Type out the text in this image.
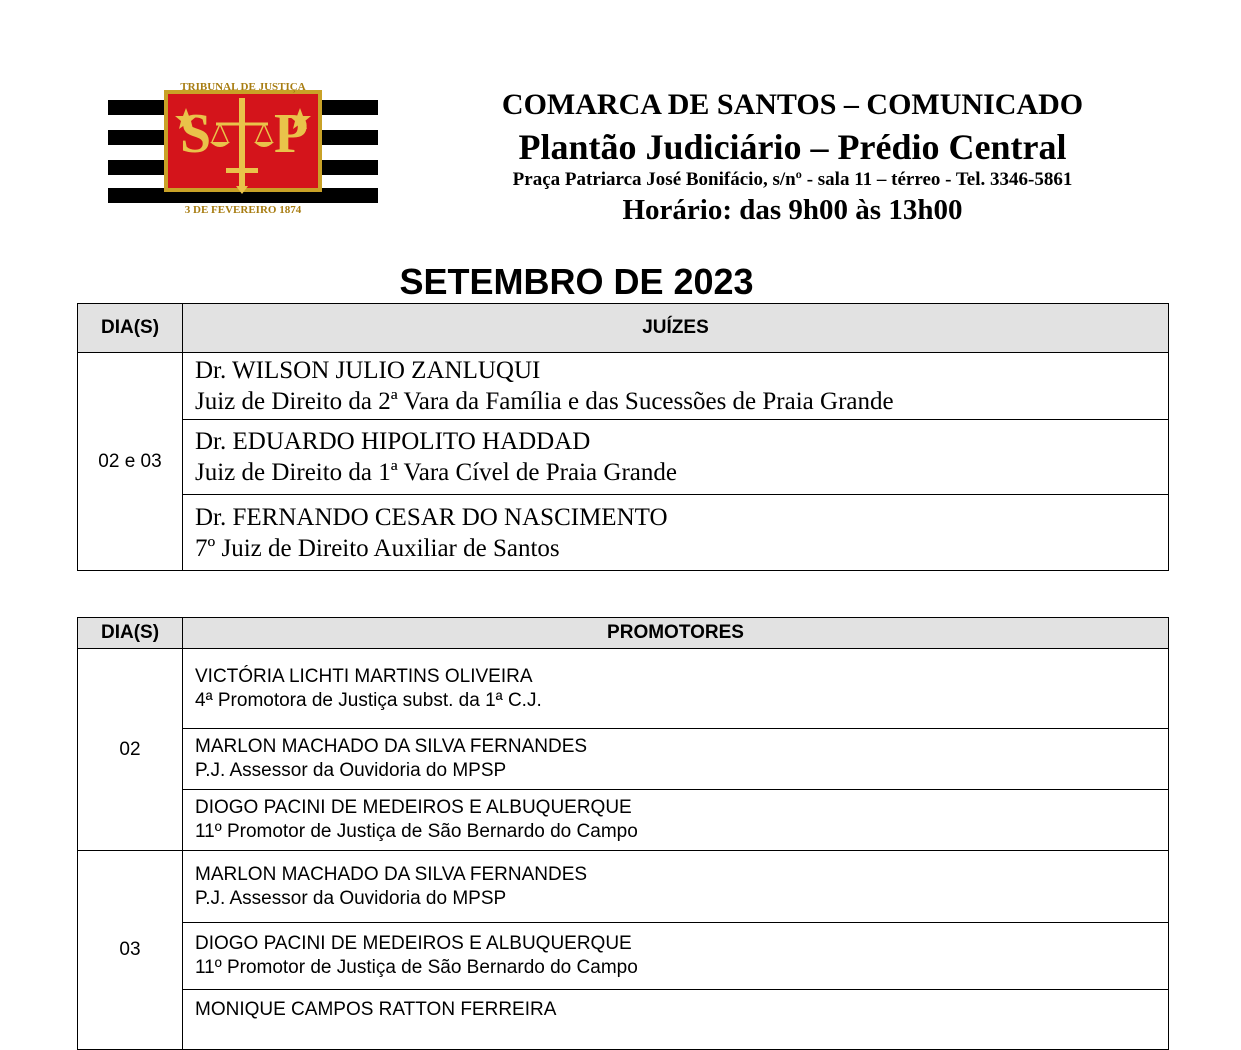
S P
TRIBUNAL DE JUSTIÇA
3 DE FEVEREIRO 1874
COMARCA DE SANTOS – COMUNICADO
Plantão Judiciário – Prédio Central
Praça Patriarca José Bonifácio, s/nº - sala 11 – térreo - Tel. 3346-5861
Horário: das 9h00 às 13h00
SETEMBRO DE 2023
DIA(S)	JUÍZES
02 e 03	Dr. WILSON JULIO ZANLUQUI
Juiz de Direito da 2ª Vara da Família e das Sucessões de Praia Grande

	Dr. EDUARDO HIPOLITO HADDAD
Juiz de Direito da 1ª Vara Cível de Praia Grande

	Dr. FERNANDO CESAR DO NASCIMENTO
7º Juiz de Direito Auxiliar de Santos
DIA(S)	PROMOTORES
02	VICTÓRIA LICHTI MARTINS OLIVEIRA
4ª Promotora de Justiça subst. da 1ª C.J.

	MARLON MACHADO DA SILVA FERNANDES
P.J. Assessor da Ouvidoria do MPSP

	DIOGO PACINI DE MEDEIROS E ALBUQUERQUE
11º Promotor de Justiça de São Bernardo do Campo

03	MARLON MACHADO DA SILVA FERNANDES
P.J. Assessor da Ouvidoria do MPSP

	DIOGO PACINI DE MEDEIROS E ALBUQUERQUE
11º Promotor de Justiça de São Bernardo do Campo

	MONIQUE CAMPOS RATTON FERREIRA
